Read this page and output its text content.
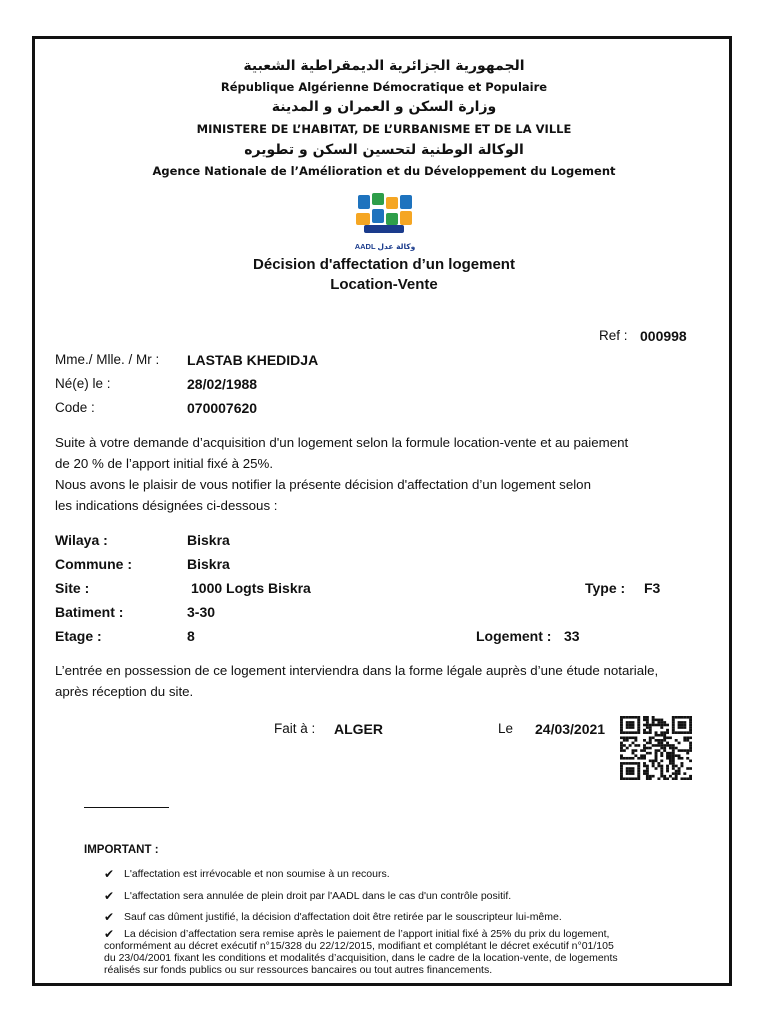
الجمهورية الجزائرية الديمقراطية الشعبية
République Algérienne Démocratique et Populaire
وزارة السكن و العمران و المدينة
MINISTERE DE L’HABITAT, DE L’URBANISME ET DE LA VILLE
الوكالة الوطنية لتحسين السكن و تطويره
Agence Nationale de l’Amélioration et du Développement du Logement
AADL وكالة عدل
Décision d'affectation d’un logement
Location-Vente
Ref : 000998
Mme./ Mlle. / Mr : LASTAB KHEDIDJA
Né(e) le :	28/02/1988
Code :	070007620
Suite à votre demande d’acquisition d'un logement selon la formule location-vente et au paiement
de 20 % de l’apport initial fixé à 25%.
Nous avons le plaisir de vous notifier la présente décision d'affectation d’un logement selon
les indications désignées ci-dessous :
Wilaya :	Biskra
Commune :	Biskra
Site :	1000 Logts Biskra	Type : F3
Batiment :	3-30
Etage :	8	Logement : 33
L’entrée en possession de ce logement interviendra dans la forme légale auprès d’une étude notariale,
après réception du site.
Fait à : ALGER	Le 24/03/2021
IMPORTANT :
✔ L'affectation est irrévocable et non soumise à un recours.
✔ L'affectation sera annulée de plein droit par l'AADL dans le cas d'un contrôle positif.
✔ Sauf cas dûment justifié, la décision d'affectation doit être retirée par le souscripteur lui-même.
✔ La décision d’affectation sera remise après le paiement de l’apport initial fixé à 25% du prix du logement,
conformément au décret exécutif n°15/328 du 22/12/2015, modifiant et complétant le décret exécutif n°01/105
du 23/04/2001 fixant les conditions et modalités d’acquisition, dans le cadre de la location-vente, de logements
réalisés sur fonds publics ou sur ressources bancaires ou tout autres financements.
